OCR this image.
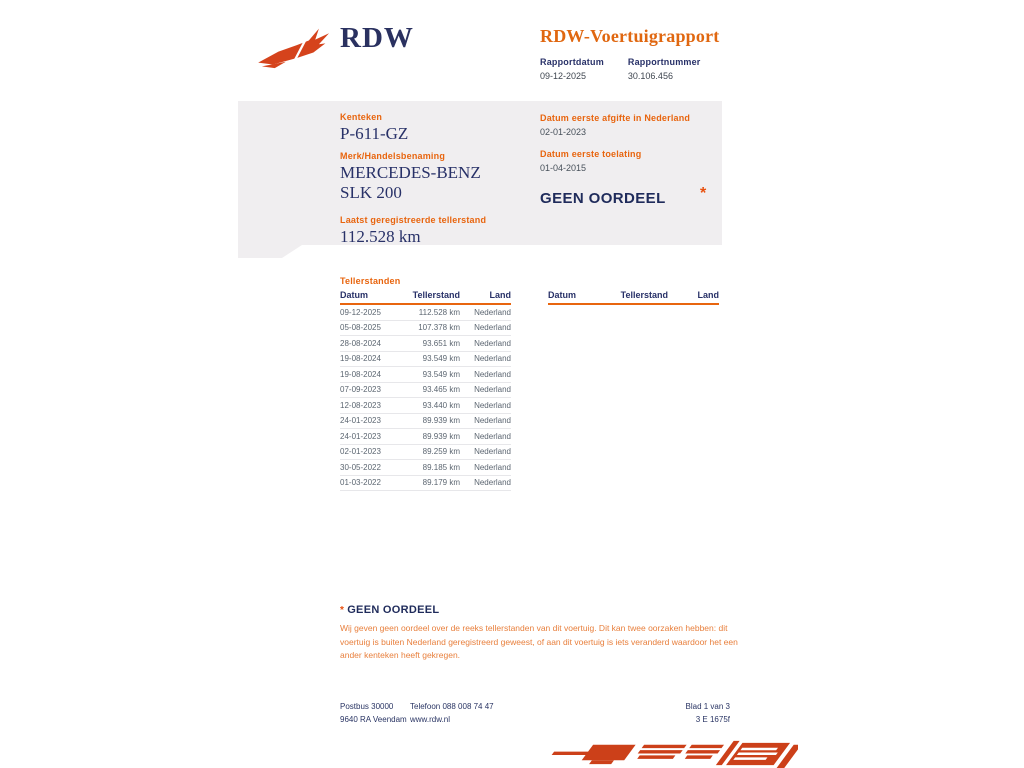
RDW	RDW-Voertuigrapport
Rapportdatum
09-12-2025
Rapportnummer
30.106.456
Kenteken
P-611-GZ
Merk/Handelsbenaming
MERCEDES-BENZ
SLK 200
Laatst geregistreerde tellerstand
112.528 km
Datum eerste afgifte in Nederland
02-01-2023
Datum eerste toelating
01-04-2015
GEEN OORDEEL	*
Tellerstanden
Datum	Tellerstand	Land
09-12-2025	112.528 km	Nederland
05-08-2025	107.378 km	Nederland
28-08-2024	93.651 km	Nederland
19-08-2024	93.549 km	Nederland
19-08-2024	93.549 km	Nederland
07-09-2023	93.465 km	Nederland
12-08-2023	93.440 km	Nederland
24-01-2023	89.939 km	Nederland
24-01-2023	89.939 km	Nederland
02-01-2023	89.259 km	Nederland
30-05-2022	89.185 km	Nederland
01-03-2022	89.179 km	Nederland
Datum	Tellerstand	Land
* GEEN OORDEEL
Wij geven geen oordeel over de reeks tellerstanden van dit voertuig. Dit kan twee oorzaken hebben: dit voertuig is buiten Nederland geregistreerd geweest, of aan dit voertuig is iets veranderd waardoor het een ander kenteken heeft gekregen.
Postbus 30000
9640 RA Veendam
Telefoon 088 008 74 47
www.rdw.nl
Blad 1 van 3
3 E 1675f
